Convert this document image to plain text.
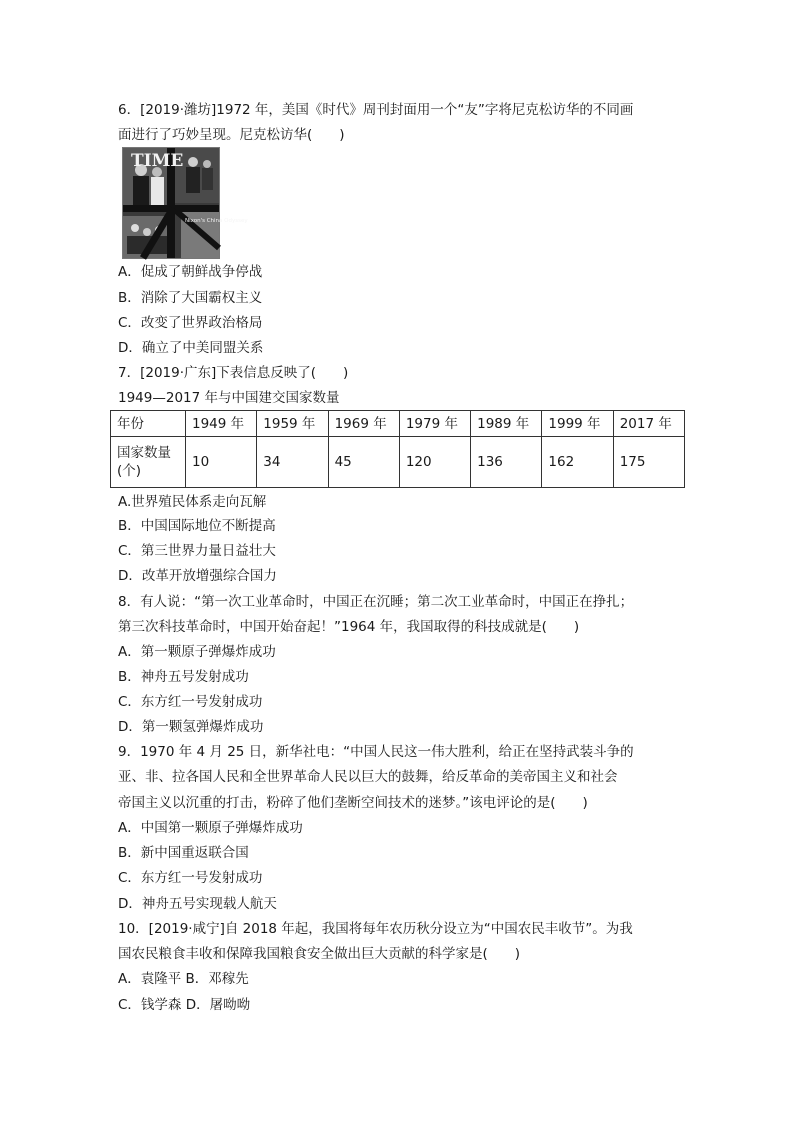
6．[2019·潍坊]1972 年，美国《时代》周刊封面用一个“友”字将尼克松访华的不同画
面进行了巧妙呈现。尼克松访华(　　)
TIME
Nixon's China Odyssey
A．促成了朝鲜战争停战
B．消除了大国霸权主义
C．改变了世界政治格局
D．确立了中美同盟关系
7．[2019·广东]下表信息反映了(　　)
1949—2017 年与中国建交国家数量
年份	1949 年	1959 年	1969 年	1979 年	1989 年	1999 年	2017 年
国家数量(个)	10	34	45	120	136	162	175
A.世界殖民体系走向瓦解
B．中国国际地位不断提高
C．第三世界力量日益壮大
D．改革开放增强综合国力
8．有人说：“第一次工业革命时，中国正在沉睡；第二次工业革命时，中国正在挣扎；
第三次科技革命时，中国开始奋起！”1964 年，我国取得的科技成就是(　　)
A．第一颗原子弹爆炸成功
B．神舟五号发射成功
C．东方红一号发射成功
D．第一颗氢弹爆炸成功
9．1970 年 4 月 25 日，新华社电：“中国人民这一伟大胜利，给正在坚持武装斗争的
亚、非、拉各国人民和全世界革命人民以巨大的鼓舞，给反革命的美帝国主义和社会
帝国主义以沉重的打击，粉碎了他们垄断空间技术的迷梦。”该电评论的是(　　)
A．中国第一颗原子弹爆炸成功
B．新中国重返联合国
C．东方红一号发射成功
D．神舟五号实现载人航天
10．[2019·咸宁]自 2018 年起，我国将每年农历秋分设立为“中国农民丰收节”。为我
国农民粮食丰收和保障我国粮食安全做出巨大贡献的科学家是(　　)
A．袁隆平 B．邓稼先
C．钱学森 D．屠呦呦
